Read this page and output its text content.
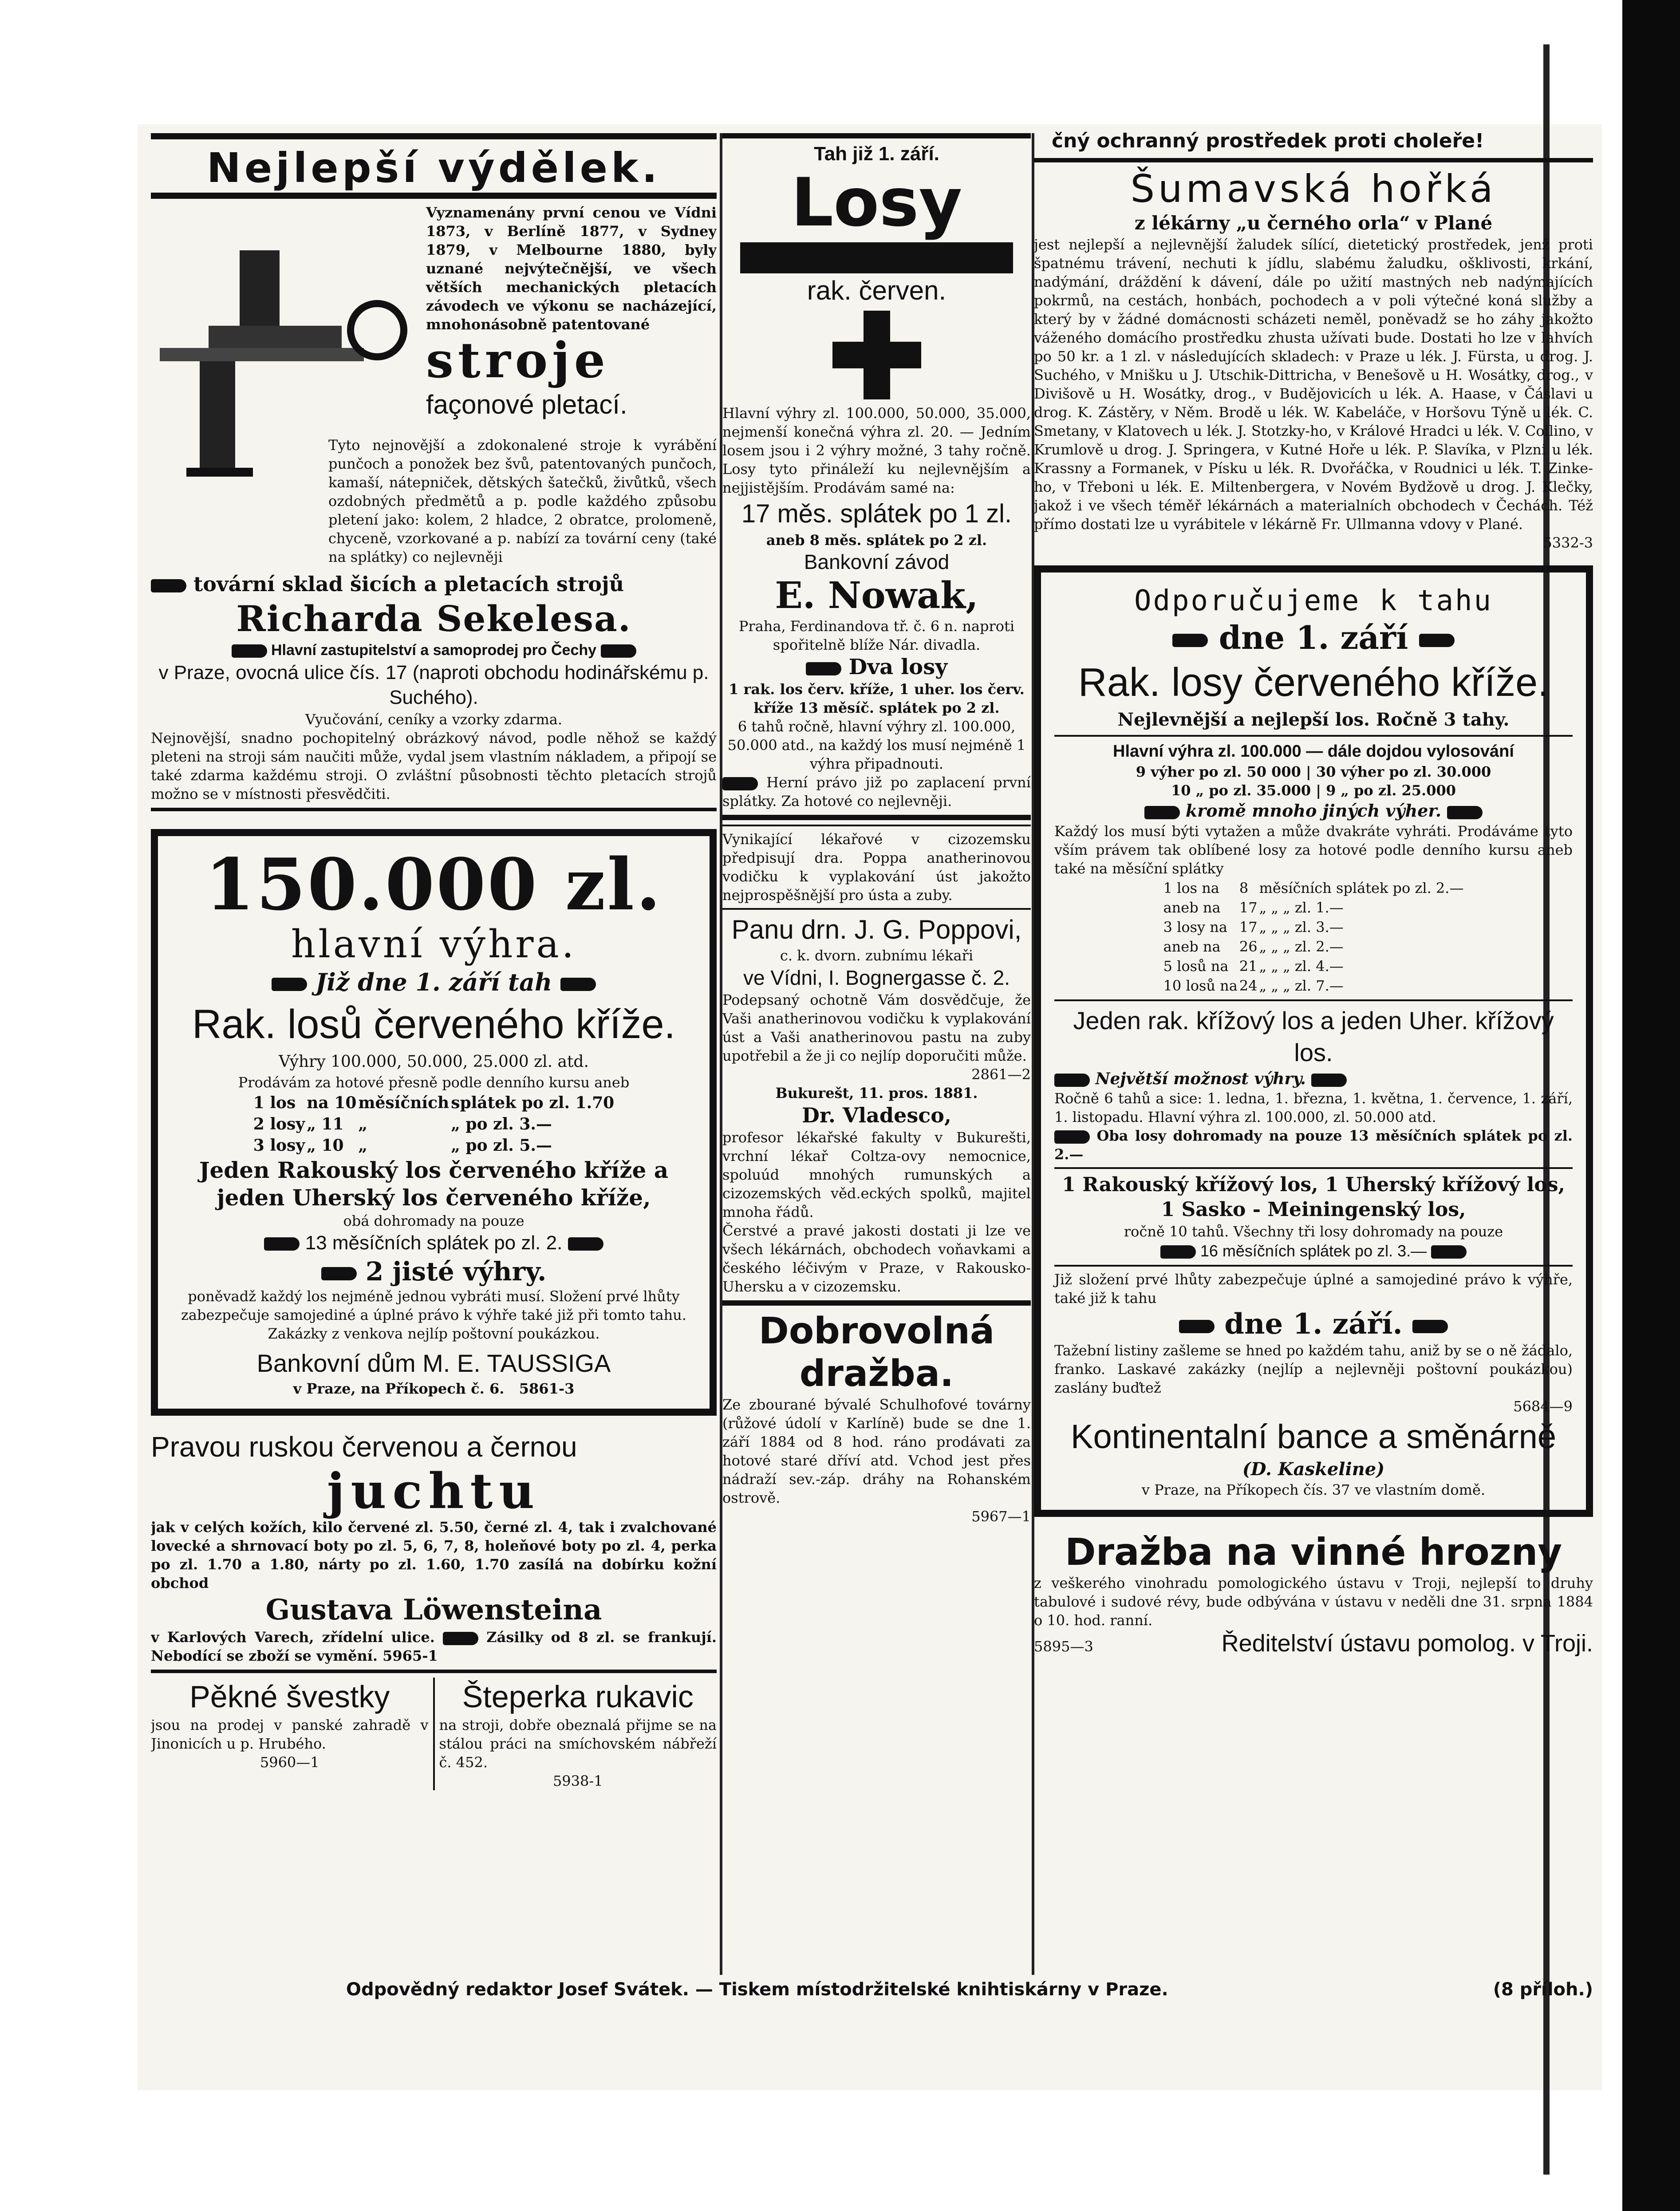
Nejlepší výdělek.
Vyznamenány první cenou ve Vídni 1873, v Berlíně 1877, v Sydney 1879, v Melbourne 1880, byly uznané nejvýtečnější, ve všech větších mechanických pletacích závodech ve výkonu se nacházející, mnohonásobně patentované
stroje
façonové pletací.

Tyto nejnovější a zdokonalené stroje k vyrábění punčoch a ponožek bez švů, patentovaných punčoch, kamaší, nátepniček, dětských šatečků, živůtků, všech ozdobných předmětů a p. podle každého způsobu pletení jako: kolem, 2 hladce, 2 obratce, prolomeně, chyceně, vzorkované a p. nabízí za tovární ceny (také na splátky) co nejlevněji

tovární sklad šicích a pletacích strojů

Richarda Sekelesa.

Hlavní zastupitelství a samoprodej pro Čechy

v Praze, ovocná ulice čís. 17 (naproti obchodu hodinářskému p. Suchého).

Vyučování, ceníky a vzorky zdarma.

Nejnovější, snadno pochopitelný obrázkový návod, podle něhož se každý pleteni na stroji sám naučiti může, vydal jsem vlastním nákladem, a připojí se také zdarma každému stroji. O zvláštní působnosti těchto pletacích strojů možno se v místnosti přesvědčiti.

150.000 zl.

hlavní výhra.

Již dne 1. září tah

Rak. losů červeného kříže.

Výhry 100.000, 50.000, 25.000 zl. atd.

Prodávám za hotové přesně podle denního kursu aneb

1 los	na 10	měsíčních	splátek po zl. 1.70
2 losy	„ 11	„	„ po zl. 3.—
3 losy	„ 10	„	„ po zl. 5.—

Jeden Rakouský los červeného kříže a jeden Uherský los červeného kříže,

obá dohromady na pouze

13 měsíčních splátek po zl. 2.

2 jisté výhry.

poněvadž každý los nejméně jednou vybráti musí. Složení prvé lhůty zabezpečuje samojediné a úplné právo k výhře také již při tomto tahu. Zakázky z venkova nejlíp poštovní poukázkou.

Bankovní dům M. E. TAUSSIGA

v Praze, na Příkopech č. 6. 5861-3

Pravou ruskou červenou a černou

juchtu

jak v celých kožích, kilo červené zl. 5.50, černé zl. 4, tak i zvalchované lovecké a shrnovací boty po zl. 5, 6, 7, 8, holeňové boty po zl. 4, perka po zl. 1.70 a 1.80, nárty po zl. 1.60, 1.70 zasílá na dobírku kožní obchod

Gustava Löwensteina

v Karlových Varech, zřídelní ulice.	Zásilky od 8 zl. se frankují. Nebodící se zboží se vymění. 5965-1

Pěkné švestky

jsou na prodej v panské zahradě v Jinonicích u p. Hrubého.

5960—1

Šteperka rukavic

na stroji, dobře obeznalá přijme se na stálou práci na smíchovském nábřeží č. 452.

5938-1

Tah již 1. září.

Losy

rak. červen.

Hlavní výhry zl. 100.000, 50.000, 35.000, nejmenší konečná výhra zl. 20. — Jedním losem jsou i 2 výhry možné, 3 tahy ročně. Losy tyto přináleží ku nejlevnějším a nejjistějším. Prodávám samé na:

17 měs. splátek po 1 zl.

aneb 8 měs. splátek po 2 zl.

Bankovní závod

E. Nowak,

Praha, Ferdinandova tř. č. 6 n. naproti spořitelně blíže Nár. divadla.

Dva losy

1 rak. los červ. kříže, 1 uher. los červ. kříže 13 měsíč. splátek po 2 zl.

6 tahů ročně, hlavní výhry zl. 100.000, 50.000 atd., na každý los musí nejméně 1 výhra připadnouti.

Herní právo již po zaplacení první splátky. Za hotové co nejlevněji.

Vynikající lékařové v cizozemsku předpisují dra. Poppa anatherinovou vodičku k vyplakování úst jakožto nejprospěšnější pro ústa a zuby.

Panu drn. J. G. Poppovi,

c. k. dvorn. zubnímu lékaři

ve Vídni, I. Bognergasse č. 2.

Podepsaný ochotně Vám dosvědčuje, že Vaši anatherinovou vodičku k vyplakování úst a Vaši anatherinovou pastu na zuby upotřebil a že ji co nejlíp doporučiti může.

2861—2

Bukurešt, 11. pros. 1881.

Dr. Vladesco,

profesor lékařské fakulty v Bukurešti, vrchní lékař Coltza-ovy nemocnice, spoluúd mnohých rumunských a cizozemských věd.eckých spolků, majitel mnoha řádů.

Čerstvé a pravé jakosti dostati ji lze ve všech lékárnách, obchodech voňavkami a českého léčivým v Praze, v Rakousko-Uhersku a v cizozemsku.

Dobrovolná dražba.

Ze zbourané bývalé Schulhofové továrny (růžové údolí v Karlíně) bude se dne 1. září 1884 od 8 hod. ráno prodávati za hotové staré dříví atd. Vchod jest přes nádraží sev.-záp. dráhy na Rohanském ostrově.

5967—1

čný ochranný prostředek proti choleře!

Šumavská hořká

z lékárny „u černého orla“ v Plané

jest nejlepší a nejlevnější žaludek sílící, dietetický prostředek, jenž proti špatnému trávení, nechuti k jídlu, slabému žaludku, ošklivosti, krkání, nadýmání, dráždění k dávení, dále po užití mastných neb nadýmajících pokrmů, na cestách, honbách, pochodech a v poli výtečné koná služby a který by v žádné domácnosti scházeti neměl, poněvadž se ho záhy jakožto váženého domácího prostředku zhusta užívati bude. Dostati ho lze v lahvích po 50 kr. a 1 zl. v následujících skladech: v Praze u lék. J. Fürsta, u drog. J. Suchého, v Mnišku u J. Utschik-Dittricha, v Benešově u H. Wosátky, drog., v Divišově u H. Wosátky, drog., v Budějovicích u lék. A. Haase, v Čáslavi u drog. K. Zástěry, v Něm. Brodě u lék. W. Kabeláče, v Horšovu Týně u lék. C. Smetany, v Klatovech u lék. J. Stotzky-ho, v Králové Hradci u lék. V. Collino, v Krumlově u drog. J. Springera, v Kutné Hoře u lék. P. Slavíka, v Plzni u lék. Krassny a Formanek, v Písku u lék. R. Dvořáčka, v Roudnici u lék. T. Zinke-ho, v Třeboni u lék. E. Miltenbergera, v Novém Bydžově u drog. J. Klečky, jakož i ve všech téměř lékárnách a materialních obchodech v Čechách. Též přímo dostati lze u vyrábitele v lékárně Fr. Ullmanna vdovy v Plané.

5332-3

Odporučujeme k tahu

dne 1. září

Rak. losy červeného kříže.

Nejlevnější a nejlepší los. Ročně 3 tahy.

Hlavní výhra zl. 100.000 — dále dojdou vylosování

9 výher po zl. 50 000 | 30 výher po zl. 30.000

10 „ po zl. 35.000 | 9 „ po zl. 25.000

kromě mnoho jiných výher.

Každý los musí býti vytažen a může dvakráte vyhráti. Prodáváme tyto vším právem tak oblíbené losy za hotové podle denního kursu aneb také na měsíční splátky

1 los na	8	měsíčních splátek po zl. 2.—
aneb na	17	„ „ „ zl. 1.—
3 losy na	17	„ „ „ zl. 3.—
aneb na	26	„ „ „ zl. 2.—
5 losů na	21	„ „ „ zl. 4.—
10 losů na	24	„ „ „ zl. 7.—

Jeden rak. křížový los a jeden Uher. křížový los.

Největší možnost výhry.

Ročně 6 tahů a sice: 1. ledna, 1. března, 1. května, 1. července, 1. září, 1. listopadu. Hlavní výhra zl. 100.000, zl. 50.000 atd.

Oba losy dohromady na pouze 13 měsíčních splátek po zl. 2.—

1 Rakouský křížový los, 1 Uherský křížový los, 1 Sasko - Meiningenský los,

ročně 10 tahů. Všechny tři losy dohromady na pouze

16 měsíčních splátek po zl. 3.—

Již složení prvé lhůty zabezpečuje úplné a samojediné právo k výhře, také již k tahu

dne 1. září.

Tažební listiny zašleme se hned po každém tahu, aniž by se o ně žádalo, franko. Laskavé zakázky (nejlíp a nejlevněji poštovní poukázkou) zaslány buďtež

5684—9

Kontinentalní bance a směnárně

(D. Kaskeline)

v Praze, na Příkopech čís. 37 ve vlastním domě.

Dražba na vinné hrozny

z veškerého vinohradu pomologického ústavu v Troji, nejlepší to druhy tabulové i sudové révy, bude odbývána v ústavu v neděli dne 31. srpna 1884 o 10. hod. ranní.

5895—3	Ředitelství ústavu pomolog. v Troji.

Odpovědný redaktor Josef Svátek. — Tiskem místodržitelské knihtiskárny v Praze.	(8 příloh.)
